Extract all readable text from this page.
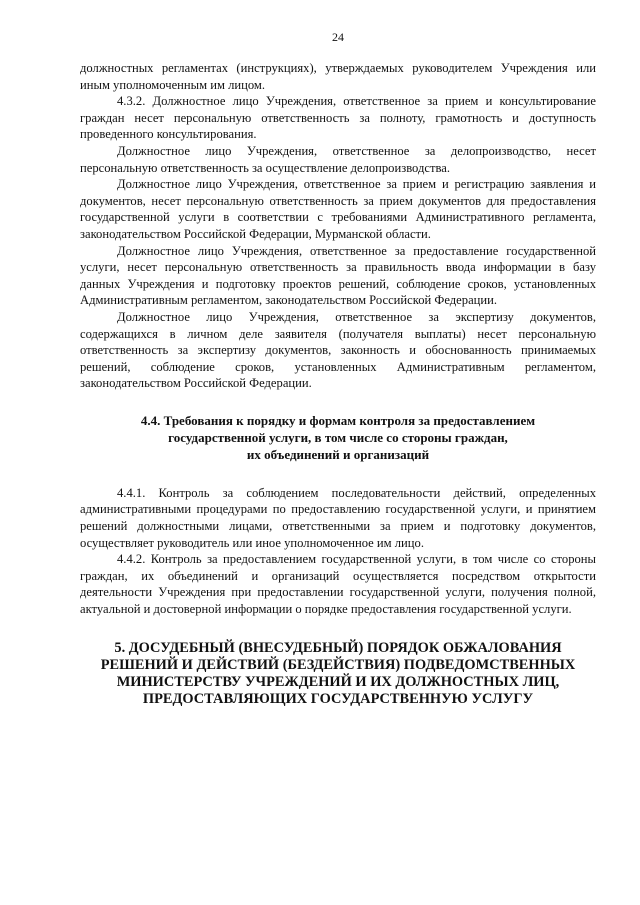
24

должностных регламентах (инструкциях), утверждаемых руководителем Учреждения или иным уполномоченным им лицом.

4.3.2. Должностное лицо Учреждения, ответственное за прием и консультирование граждан несет персональную ответственность за полноту, грамотность и доступность проведенного консультирования.

Должностное лицо Учреждения, ответственное за делопроизводство, несет персональную ответственность за осуществление делопроизводства.

Должностное лицо Учреждения, ответственное за прием и регистрацию заявления и документов, несет персональную ответственность за прием документов для предоставления государственной услуги в соответствии с требованиями Административного регламента, законодательством Российской Федерации, Мурманской области.

Должностное лицо Учреждения, ответственное за предоставление государственной услуги, несет персональную ответственность за правильность ввода информации в базу данных Учреждения и подготовку проектов решений, соблюдение сроков, установленных Административным регламентом, законодательством Российской Федерации.

Должностное лицо Учреждения, ответственное за экспертизу документов, содержащихся в личном деле заявителя (получателя выплаты) несет персональную ответственность за экспертизу документов, законность и обоснованность принимаемых решений, соблюдение сроков, установленных Административным регламентом, законодательством Российской Федерации.

4.4. Требования к порядку и формам контроля за предоставлением
государственной услуги, в том числе со стороны граждан,
их объединений и организаций

4.4.1. Контроль за соблюдением последовательности действий, определенных административными процедурами по предоставлению государственной услуги, и принятием решений должностными лицами, ответственными за прием и подготовку документов, осуществляет руководитель или иное уполномоченное им лицо.

4.4.2. Контроль за предоставлением государственной услуги, в том числе со стороны граждан, их объединений и организаций осуществляется посредством открытости деятельности Учреждения при предоставлении государственной услуги, получения полной, актуальной и достоверной информации о порядке предоставления государственной услуги.

5. ДОСУДЕБНЫЙ (ВНЕСУДЕБНЫЙ) ПОРЯДОК ОБЖАЛОВАНИЯ
РЕШЕНИЙ И ДЕЙСТВИЙ (БЕЗДЕЙСТВИЯ) ПОДВЕДОМСТВЕННЫХ
МИНИСТЕРСТВУ УЧРЕЖДЕНИЙ И ИХ ДОЛЖНОСТНЫХ ЛИЦ,
ПРЕДОСТАВЛЯЮЩИХ ГОСУДАРСТВЕННУЮ УСЛУГУ
